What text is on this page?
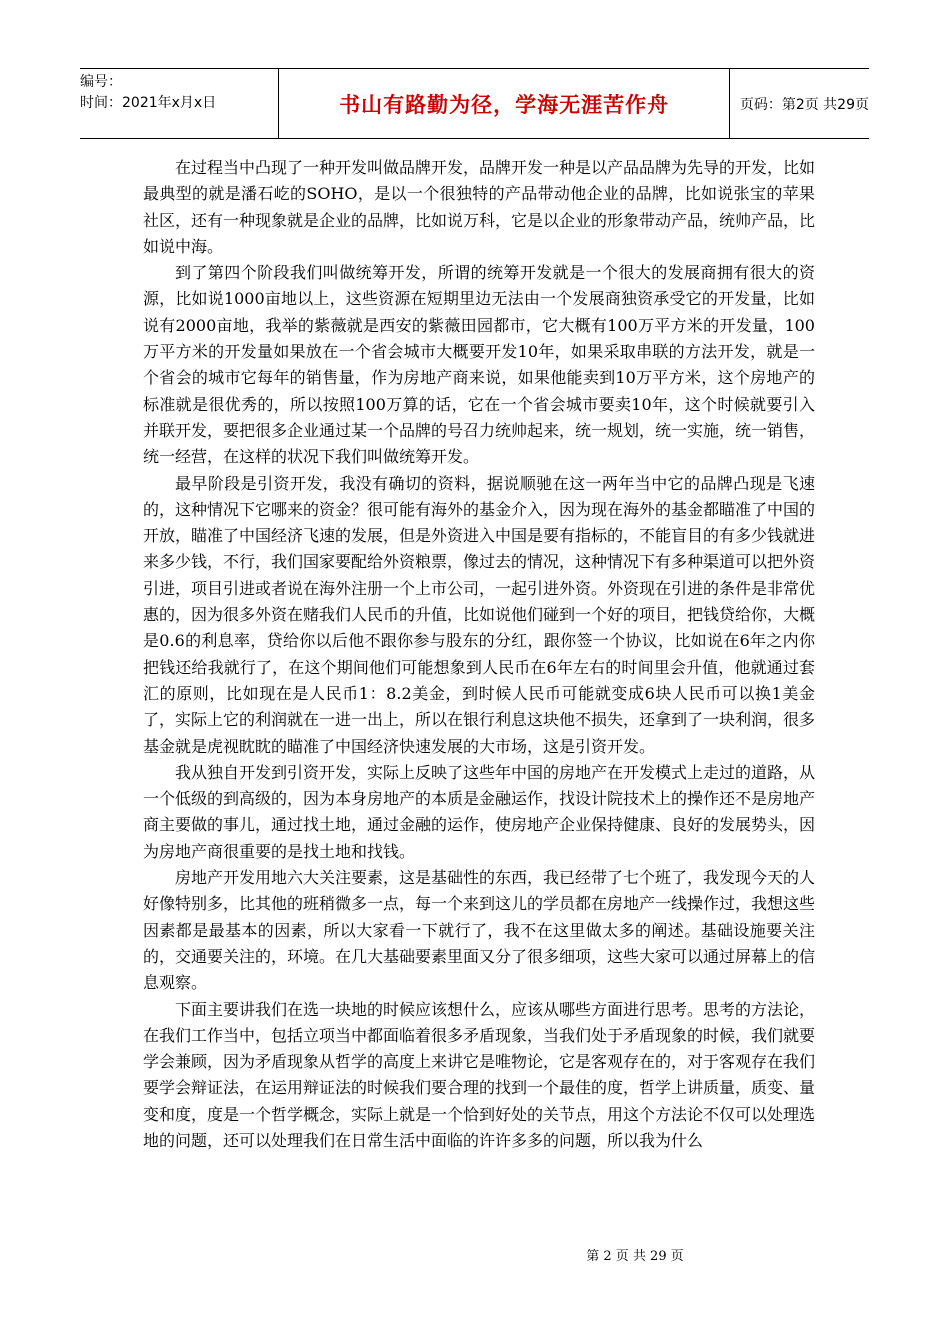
编号：
时间：2021年x月x日	书山有路勤为径，学海无涯苦作舟	页码：第2页 共29页

在过程当中凸现了一种开发叫做品牌开发，品牌开发一种是以产品品牌为先导的开发，比如最典型的就是潘石屹的SOHO，是以一个很独特的产品带动他企业的品牌，比如说张宝的苹果社区，还有一种现象就是企业的品牌，比如说万科，它是以企业的形象带动产品，统帅产品，比如说中海。

到了第四个阶段我们叫做统筹开发，所谓的统筹开发就是一个很大的发展商拥有很大的资源，比如说1000亩地以上，这些资源在短期里边无法由一个发展商独资承受它的开发量，比如说有2000亩地，我举的紫薇就是西安的紫薇田园都市，它大概有100万平方米的开发量，100万平方米的开发量如果放在一个省会城市大概要开发10年，如果采取串联的方法开发，就是一个省会的城市它每年的销售量，作为房地产商来说，如果他能卖到10万平方米，这个房地产的标准就是很优秀的，所以按照100万算的话，它在一个省会城市要卖10年，这个时候就要引入并联开发，要把很多企业通过某一个品牌的号召力统帅起来，统一规划，统一实施，统一销售，统一经营，在这样的状况下我们叫做统筹开发。

最早阶段是引资开发，我没有确切的资料，据说顺驰在这一两年当中它的品牌凸现是飞速的，这种情况下它哪来的资金？很可能有海外的基金介入，因为现在海外的基金都瞄准了中国的开放，瞄准了中国经济飞速的发展，但是外资进入中国是要有指标的，不能盲目的有多少钱就进来多少钱，不行，我们国家要配给外资粮票，像过去的情况，这种情况下有多种渠道可以把外资引进，项目引进或者说在海外注册一个上市公司，一起引进外资。外资现在引进的条件是非常优惠的，因为很多外资在赌我们人民币的升值，比如说他们碰到一个好的项目，把钱贷给你，大概是0.6的利息率，贷给你以后他不跟你参与股东的分红，跟你签一个协议，比如说在6年之内你把钱还给我就行了，在这个期间他们可能想象到人民币在6年左右的时间里会升值，他就通过套汇的原则，比如现在是人民币1：8.2美金，到时候人民币可能就变成6块人民币可以换1美金了，实际上它的利润就在一进一出上，所以在银行利息这块他不损失，还拿到了一块利润，很多基金就是虎视眈眈的瞄准了中国经济快速发展的大市场，这是引资开发。

我从独自开发到引资开发，实际上反映了这些年中国的房地产在开发模式上走过的道路，从一个低级的到高级的，因为本身房地产的本质是金融运作，找设计院技术上的操作还不是房地产商主要做的事儿，通过找土地，通过金融的运作，使房地产企业保持健康、良好的发展势头，因为房地产商很重要的是找土地和找钱。

房地产开发用地六大关注要素，这是基础性的东西，我已经带了七个班了，我发现今天的人好像特别多，比其他的班稍微多一点，每一个来到这儿的学员都在房地产一线操作过，我想这些因素都是最基本的因素，所以大家看一下就行了，我不在这里做太多的阐述。基础设施要关注的，交通要关注的，环境。在几大基础要素里面又分了很多细项，这些大家可以通过屏幕上的信息观察。

下面主要讲我们在选一块地的时候应该想什么，应该从哪些方面进行思考。思考的方法论，在我们工作当中，包括立项当中都面临着很多矛盾现象，当我们处于矛盾现象的时候，我们就要学会兼顾，因为矛盾现象从哲学的高度上来讲它是唯物论，它是客观存在的，对于客观存在我们要学会辩证法，在运用辩证法的时候我们要合理的找到一个最佳的度，哲学上讲质量，质变、量变和度，度是一个哲学概念，实际上就是一个恰到好处的关节点，用这个方法论不仅可以处理选地的问题，还可以处理我们在日常生活中面临的许许多多的问题，所以我为什么

第 2 页 共 29 页
